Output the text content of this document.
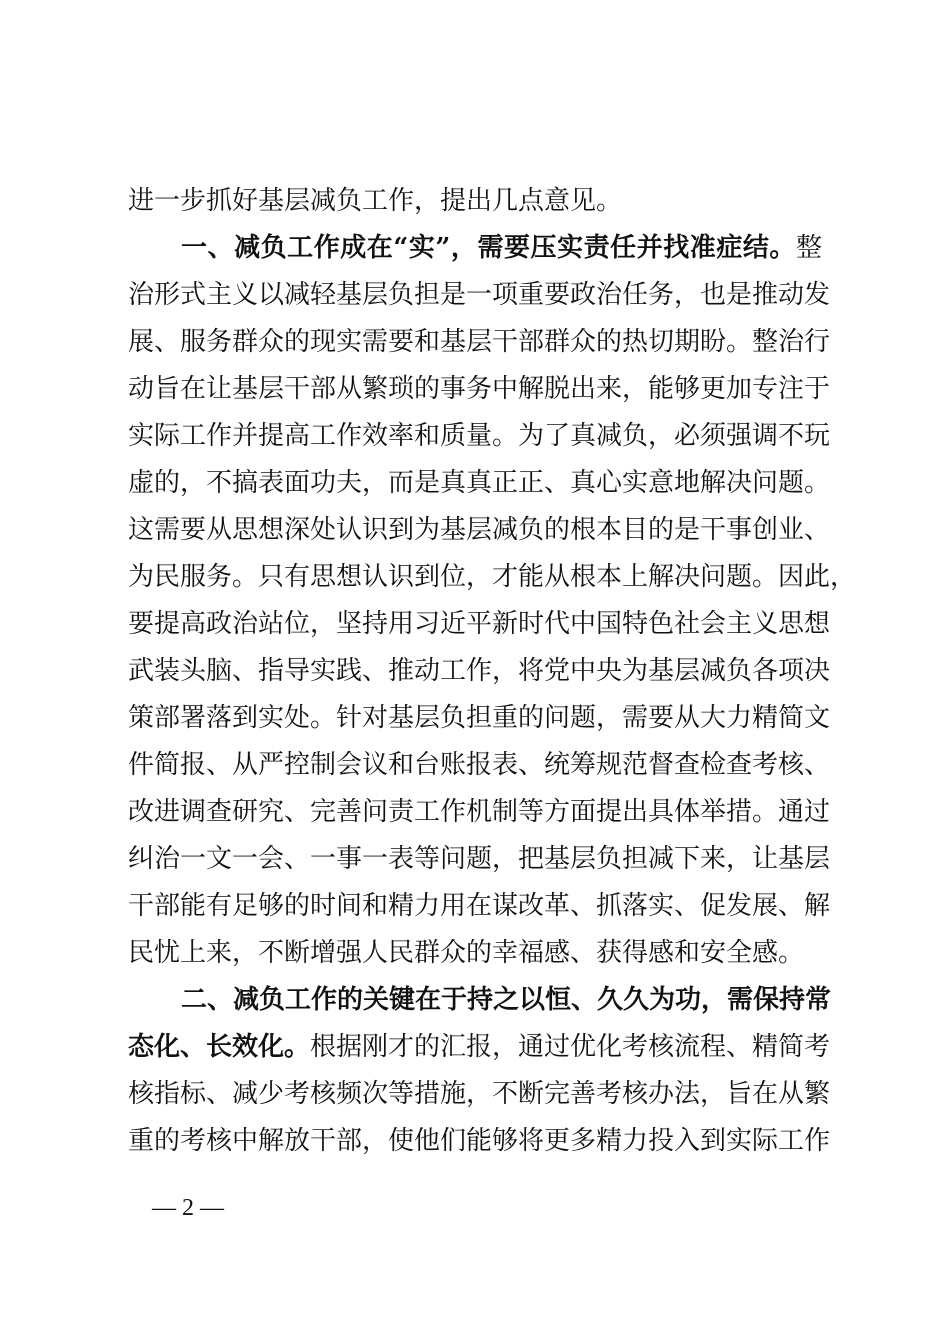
进一步抓好基层减负工作，提出几点意见。
一、减负工作成在“实”，需要压实责任并找准症结。整
治形式主义以减轻基层负担是一项重要政治任务，也是推动发
展、服务群众的现实需要和基层干部群众的热切期盼。整治行
动旨在让基层干部从繁琐的事务中解脱出来，能够更加专注于
实际工作并提高工作效率和质量。为了真减负，必须强调不玩
虚的，不搞表面功夫，而是真真正正、真心实意地解决问题。
这需要从思想深处认识到为基层减负的根本目的是干事创业、
为民服务。只有思想认识到位，才能从根本上解决问题。因此，
要提高政治站位，坚持用习近平新时代中国特色社会主义思想
武装头脑、指导实践、推动工作，将党中央为基层减负各项决
策部署落到实处。针对基层负担重的问题，需要从大力精简文
件简报、从严控制会议和台账报表、统筹规范督查检查考核、
改进调查研究、完善问责工作机制等方面提出具体举措。通过
纠治一文一会、一事一表等问题，把基层负担减下来，让基层
干部能有足够的时间和精力用在谋改革、抓落实、促发展、解
民忧上来，不断增强人民群众的幸福感、获得感和安全感。
二、减负工作的关键在于持之以恒、久久为功，需保持常
态化、长效化。根据刚才的汇报，通过优化考核流程、精简考
核指标、减少考核频次等措施，不断完善考核办法，旨在从繁
重的考核中解放干部，使他们能够将更多精力投入到实际工作
— 2 —
